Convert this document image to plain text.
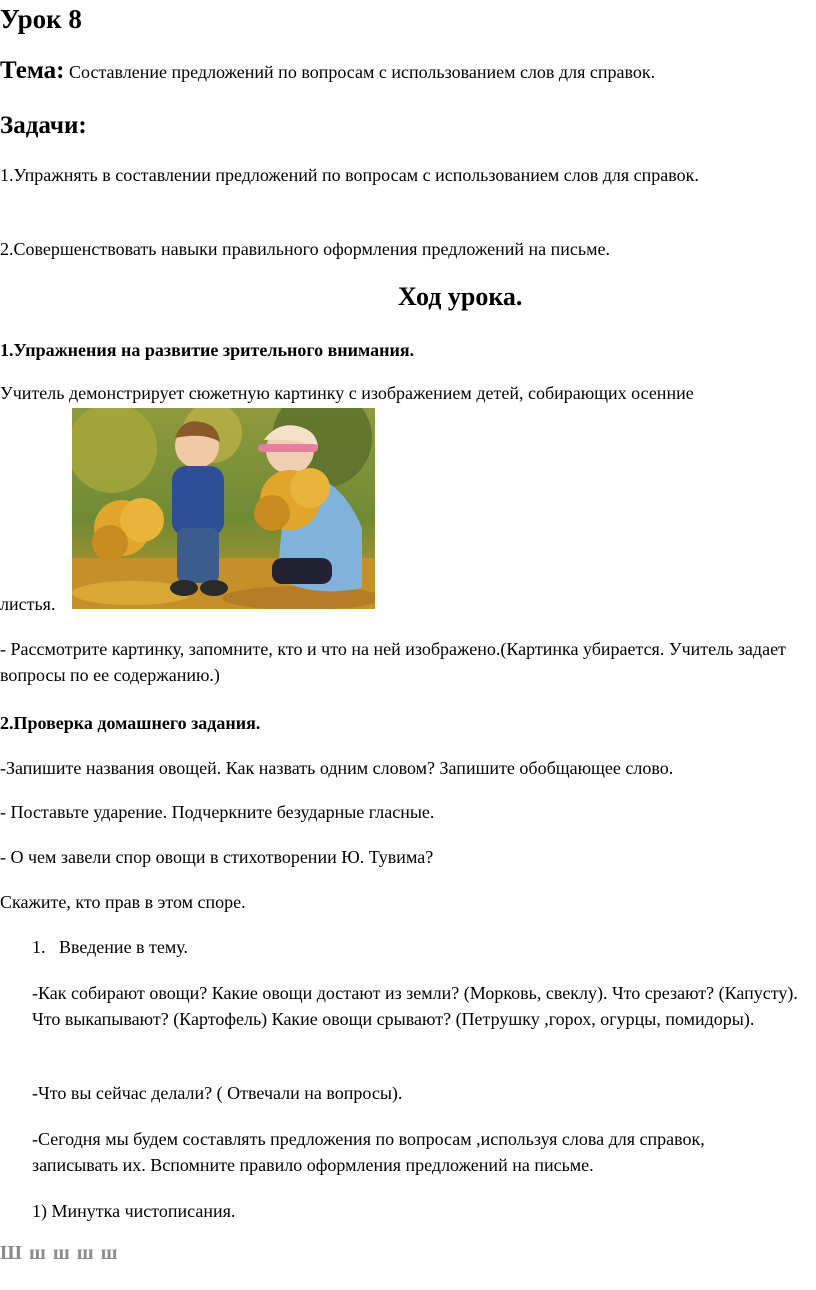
Урок 8
Тема: Составление предложений по вопросам с использованием слов для справок.
Задачи:

1.Упражнять в составлении предложений по вопросам с использованием слов для справок.

2.Совершенствовать навыки правильного оформления предложений на письме.

Ход урока.

1.Упражнения на развитие зрительного внимания.

Учитель демонстрирует сюжетную картинку с изображением детей, собирающих осенние

листья.

- Рассмотрите картинку, запомните, кто и что на ней изображено.(Картинка убирается. Учитель задает вопросы по ее содержанию.)

2.Проверка домашнего задания.

-Запишите названия овощей. Как назвать одним словом? Запишите обобщающее слово.

- Поставьте ударение. Подчеркните безударные гласные.

- О чем завели спор овощи в стихотворении Ю. Тувима?

Скажите, кто прав в этом споре.

1. Введение в тему.

-Как собирают овощи? Какие овощи достают из земли? (Морковь, свеклу). Что срезают? (Капусту). Что выкапывают? (Картофель) Какие овощи срывают? (Петрушку ,горох, огурцы, помидоры).

-Что вы сейчас делали? ( Отвечали на вопросы).

-Сегодня мы будем составлять предложения по вопросам ,используя слова для справок, записывать их. Вспомните правило оформления предложений на письме.

1) Минутка чистописания.

Ш ш ш ш ш
